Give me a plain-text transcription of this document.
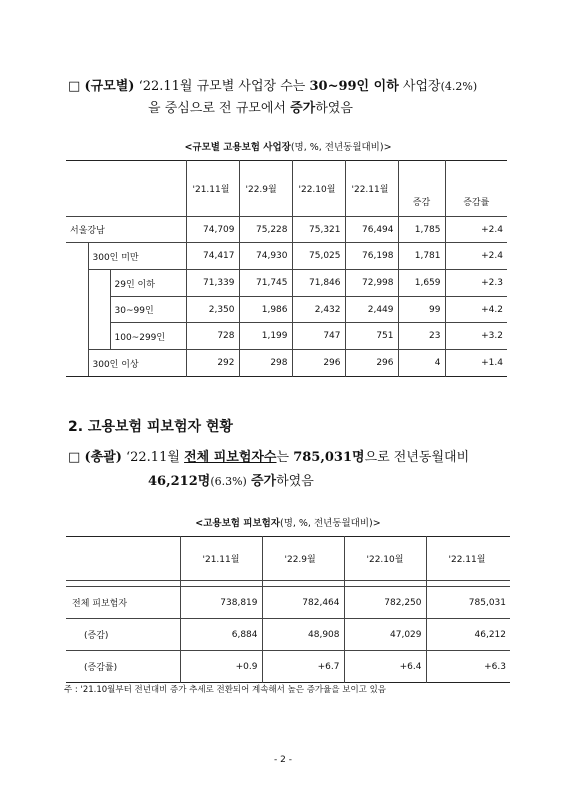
□ (규모별) ‘22.11월 규모별 사업장 수는 30~99인 이하 사업장(4.2%)
을 중심으로 전 규모에서 증가하였음
<규모별 고용보험 사업장(명, %, 전년동월대비)>
			'21.11월	'22.9월	'22.10월	'22.11월	증감	증감률
서울강남			74,709	75,228	75,321	76,494	1,785	+2.4
	300인 미만		74,417	74,930	75,025	76,198	1,781	+2.4
		29인 이하	71,339	71,745	71,846	72,998	1,659	+2.3
		30~99인	2,350	1,986	2,432	2,449	99	+4.2
		100~299인	728	1,199	747	751	23	+3.2
	300인 이상		292	298	296	296	4	+1.4
2. 고용보험 피보험자 현황
□ (총괄) ‘22.11월 전체 피보험자수는 785,031명으로 전년동월대비
46,212명(6.3%) 증가하였음
<고용보험 피보험자(명, %, 전년동월대비)>
	'21.11월	'22.9월	'22.10월	'22.11월

전체 피보험자	738,819	782,464	782,250	785,031
(증감)	6,884	48,908	47,029	46,212
(증감률)	+0.9	+6.7	+6.4	+6.3
주 : '21.10월부터 전년대비 증가 추세로 전환되어 계속해서 높은 증가율을 보이고 있음
- 2 -
